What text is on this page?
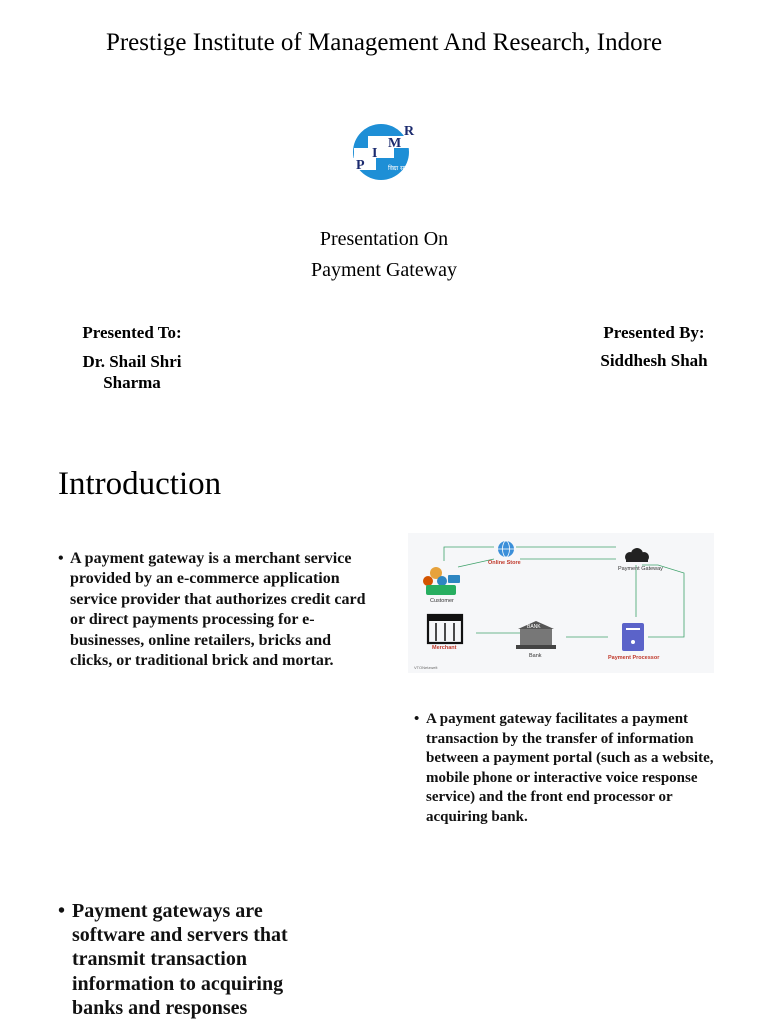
Prestige Institute of Management And Research, Indore
R
M
I
P	विद्या समाजाय
Presentation On
Payment Gateway
Presented To:
Dr. Shail Shri Sharma
Presented By:
Siddhesh Shah
Introduction
• A payment gateway is a merchant service provided by an e-commerce application service provider that authorizes credit card or direct payments processing for e-businesses, online retailers, bricks and clicks, or traditional brick and mortar.
Online Store
Payment Gateway
Customer
Merchant
BANK
Bank	Payment Processor
VTONetzwelt
• A payment gateway facilitates a payment transaction by the transfer of information between a payment portal (such as a website, mobile phone or interactive voice response service) and the front end processor or acquiring bank.
• Payment gateways are software and servers that transmit transaction information to acquiring banks and responses
